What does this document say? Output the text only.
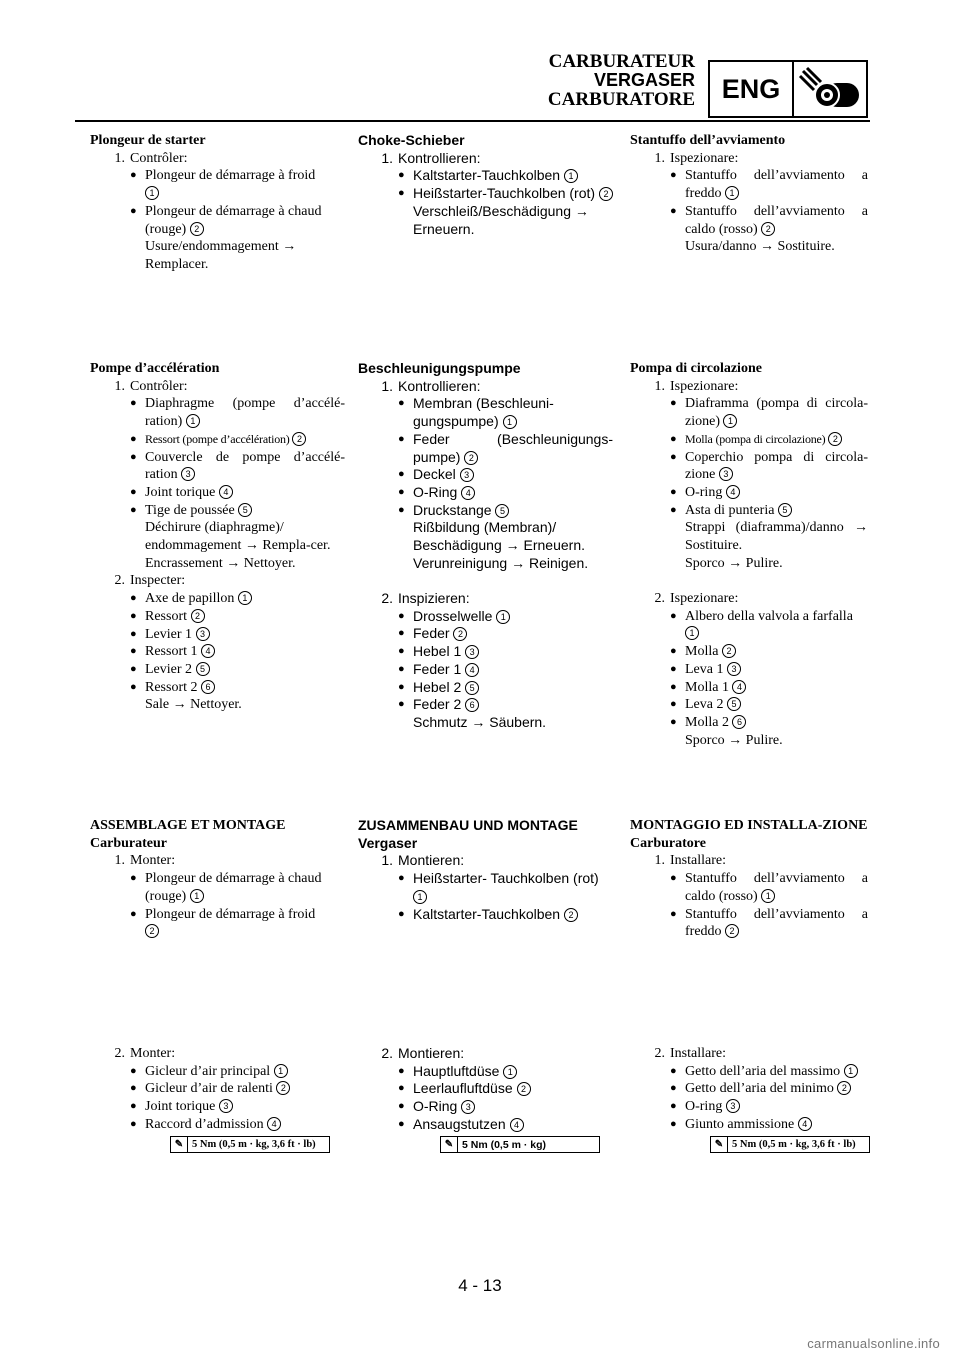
CARBURATEUR
VERGASER
CARBURATORE ENG
Plongeur de starter
1. Contrôler:
● Plongeur de démarrage à froid
1
● Plongeur de démarrage à chaud (rouge) 2
Usure/endommagement → Remplacer.
Pompe d’accélération
1. Contrôler:
● Diaphragme (pompe d’accélé-ration) 1
● Ressort (pompe d’accélération) 2
● Couvercle de pompe d’accélé-ration 3
● Joint torique 4
● Tige de poussée 5
Déchirure (diaphragme)/ endommagement → Rempla-cer.
Encrassement → Nettoyer.
2. Inspecter:
● Axe de papillon 1
● Ressort 2
● Levier 1 3
● Ressort 1 4
● Levier 2 5
● Ressort 2 6
Sale → Nettoyer.
ASSEMBLAGE ET MONTAGE
Carburateur
1. Monter:
● Plongeur de démarrage à chaud (rouge) 1
● Plongeur de démarrage à froid
2
2. Monter:
● Gicleur d’air principal 1
● Gicleur d’air de ralenti 2
● Joint torique 3
● Raccord d’admission 4
✎ 5 Nm (0,5 m · kg, 3,6 ft · lb)
Choke-Schieber
1. Kontrollieren:
● Kaltstarter-Tauchkolben 1
● Heißstarter-Tauchkolben (rot) 2
Verschleiß/Beschädigung → Erneuern.
Beschleunigungspumpe
1. Kontrollieren:
● Membran (Beschleuni-gungspumpe) 1
● Feder (Beschleunigungs-pumpe) 2
● Deckel 3
● O-Ring 4
● Druckstange 5
Rißbildung (Membran)/ Beschädigung → Erneuern.
Verunreinigung → Reinigen.
2. Inspizieren:
● Drosselwelle 1
● Feder 2
● Hebel 1 3
● Feder 1 4
● Hebel 2 5
● Feder 2 6
Schmutz → Säubern.
ZUSAMMENBAU UND MONTAGE
Vergaser
1. Montieren:
● Heißstarter- Tauchkolben (rot) 1
● Kaltstarter-Tauchkolben 2
2. Montieren:
● Hauptluftdüse 1
● Leerlaufluftdüse 2
● O-Ring 3
● Ansaugstutzen 4
✎ 5 Nm (0,5 m · kg)
Stantuffo dell’avviamento
1. Ispezionare:
● Stantuffo dell’avviamento a freddo 1
● Stantuffo dell’avviamento a caldo (rosso) 2
Usura/danno → Sostituire.
Pompa di circolazione
1. Ispezionare:
● Diaframma (pompa di circola-zione) 1
● Molla (pompa di circolazione) 2
● Coperchio pompa di circola-zione 3
● O-ring 4
● Asta di punteria 5
Strappi (diaframma)/danno → Sostituire.
Sporco → Pulire.
2. Ispezionare:
● Albero della valvola a farfalla
1
● Molla 2
● Leva 1 3
● Molla 1 4
● Leva 2 5
● Molla 2 6
Sporco → Pulire.
MONTAGGIO ED INSTALLA-ZIONE
Carburatore
1. Installare:
● Stantuffo dell’avviamento a caldo (rosso) 1
● Stantuffo dell’avviamento a freddo 2
2. Installare:
● Getto dell’aria del massimo 1
● Getto dell’aria del minimo 2
● O-ring 3
● Giunto ammissione 4
✎ 5 Nm (0,5 m · kg, 3,6 ft · lb)
4 - 13
carmanualsonline.info
